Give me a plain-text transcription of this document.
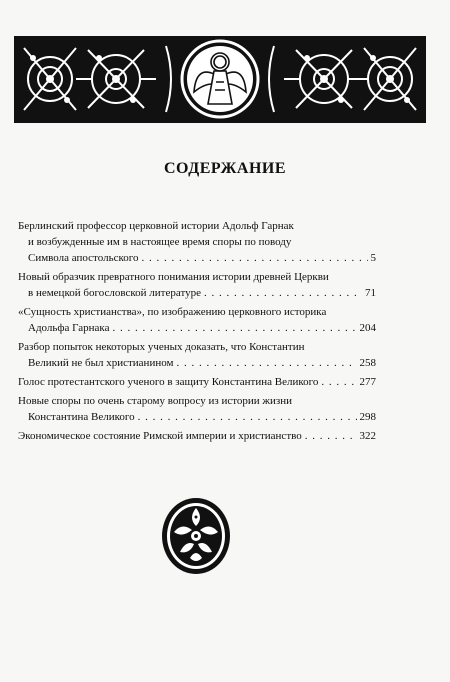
СОДЕРЖАНИЕ
Берлинский профессор церковной истории Адольф Гарнак
и возбужденные им в настоящее время споры по поводу
Символа апостольского . . .	5
Новый образчик превратного понимания истории древней Церкви
в немецкой богословской литературе . . .	71
«Сущность христианства», по изображению церковного историка
Адольфа Гарнака . . .	204
Разбор попыток некоторых ученых доказать, что Константин
Великий не был христианином . . .	258
Голос протестантского ученого в защиту Константина Великого . . .	277
Новые споры по очень старому вопросу из истории жизни
Константина Великого . . .	298
Экономическое состояние Римской империи и христианство . . .	322
